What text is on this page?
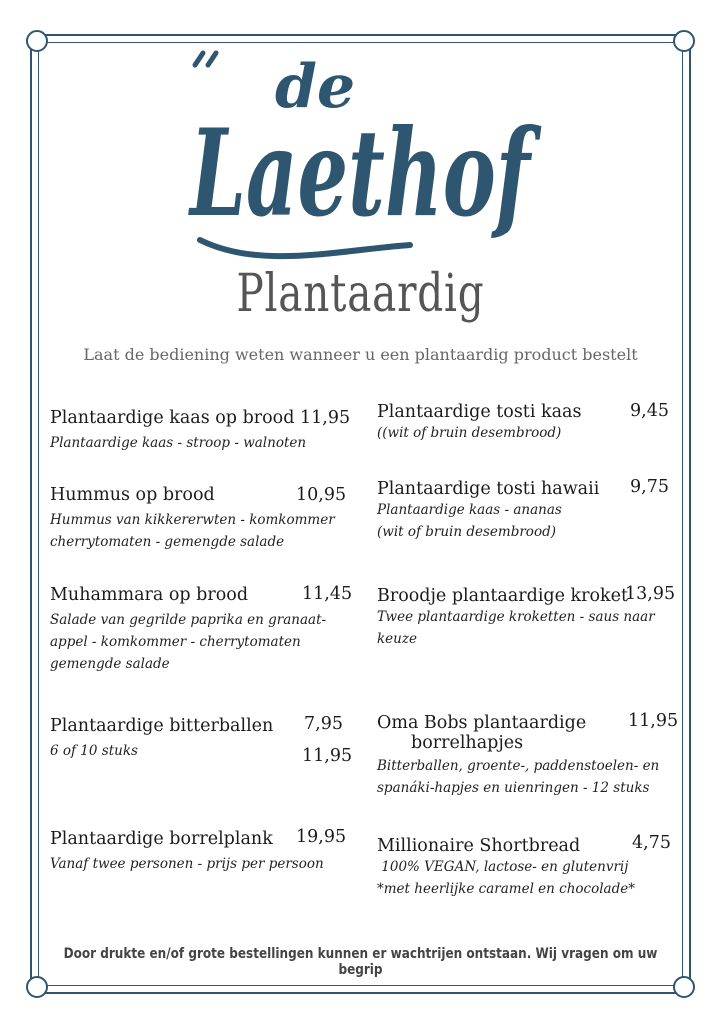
de
Laethof
Plantaardig
Laat de bediening weten wanneer u een plantaardig product bestelt
Plantaardige kaas op brood
Plantaardige kaas - stroop - walnoten
11,95
Hummus op brood
Hummus van kikkererwten - komkommer
cherrytomaten - gemengde salade
10,95
Muhammara op brood
Salade van gegrilde paprika en granaat-
appel - komkommer - cherrytomaten
gemengde salade
11,45
Plantaardige bitterballen
6 of 10 stuks
7,95
11,95
Plantaardige borrelplank
Vanaf twee personen - prijs per persoon
19,95
Plantaardige tosti kaas
((wit of bruin desembrood)
9,45
Plantaardige tosti hawaii
Plantaardige kaas - ananas
(wit of bruin desembrood)
9,75
Broodje plantaardige kroket
Twee plantaardige kroketten - saus naar
keuze
13,95
Oma Bobs plantaardige
borrelhapjes
Bitterballen, groente-, paddenstoelen- en
spanáki-hapjes en uienringen - 12 stuks
11,95
Millionaire Shortbread
100% VEGAN, lactose- en glutenvrij
*met heerlijke caramel en chocolade*
4,75
Door drukte en/of grote bestellingen kunnen er wachtrijen ontstaan. Wij vragen om uw begrip
